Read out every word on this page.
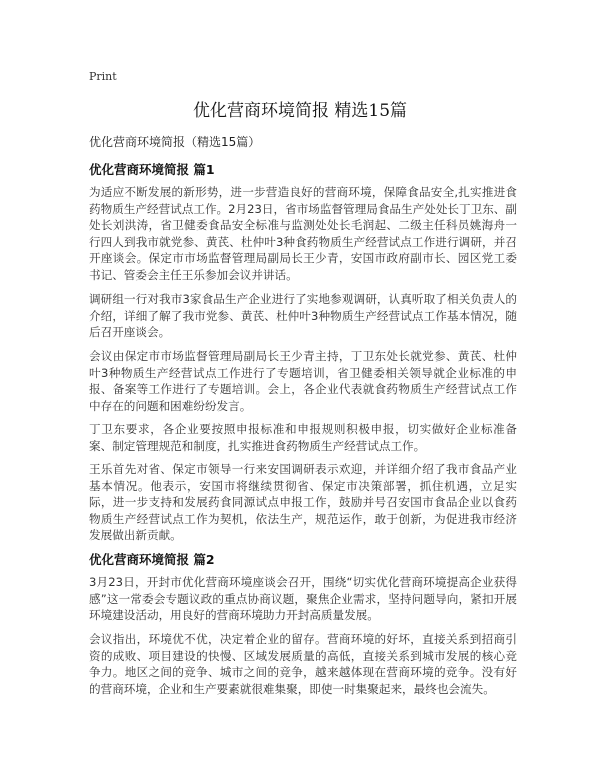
Print
优化营商环境简报 精选15篇
优化营商环境简报（精选15篇）
优化营商环境简报 篇1
为适应不断发展的新形势，进一步营造良好的营商环境，保障食品安全,扎实推进食药物质生产经营试点工作。2月23日，省市场监督管理局食品生产处处长丁卫东、副处长刘洪涛，省卫健委食品安全标准与监测处处长毛润起、二级主任科员姚海舟一行四人到我市就党参、黄芪、杜仲叶3种食药物质生产经营试点工作进行调研，并召开座谈会。保定市市场监督管理局副局长王少青，安国市政府副市长、园区党工委书记、管委会主任王乐参加会议并讲话。
调研组一行对我市3家食品生产企业进行了实地参观调研，认真听取了相关负责人的介绍，详细了解了我市党参、黄芪、杜仲叶3种物质生产经营试点工作基本情况，随后召开座谈会。
会议由保定市市场监督管理局副局长王少青主持，丁卫东处长就党参、黄芪、杜仲叶3种物质生产经营试点工作进行了专题培训，省卫健委相关领导就企业标准的申报、备案等工作进行了专题培训。会上，各企业代表就食药物质生产经营试点工作中存在的问题和困难纷纷发言。
丁卫东要求，各企业要按照申报标准和申报规则积极申报，切实做好企业标准备案、制定管理规范和制度，扎实推进食药物质生产经营试点工作。
王乐首先对省、保定市领导一行来安国调研表示欢迎，并详细介绍了我市食品产业基本情况。他表示，安国市将继续贯彻省、保定市决策部署，抓住机遇，立足实际，进一步支持和发展药食同源试点申报工作，鼓励并号召安国市食品企业以食药物质生产经营试点工作为契机，依法生产，规范运作，敢于创新，为促进我市经济发展做出新贡献。
优化营商环境简报 篇2
3月23日，开封市优化营商环境座谈会召开，围绕“切实优化营商环境提高企业获得感”这一常委会专题议政的重点协商议题，聚焦企业需求，坚持问题导向，紧扣开展环境建设活动，用良好的营商环境助力开封高质量发展。
会议指出，环境优不优，决定着企业的留存。营商环境的好坏，直接关系到招商引资的成败、项目建设的快慢、区域发展质量的高低，直接关系到城市发展的核心竞争力。地区之间的竞争、城市之间的竞争，越来越体现在营商环境的竞争。没有好的营商环境，企业和生产要素就很难集聚，即使一时集聚起来，最终也会流失。
